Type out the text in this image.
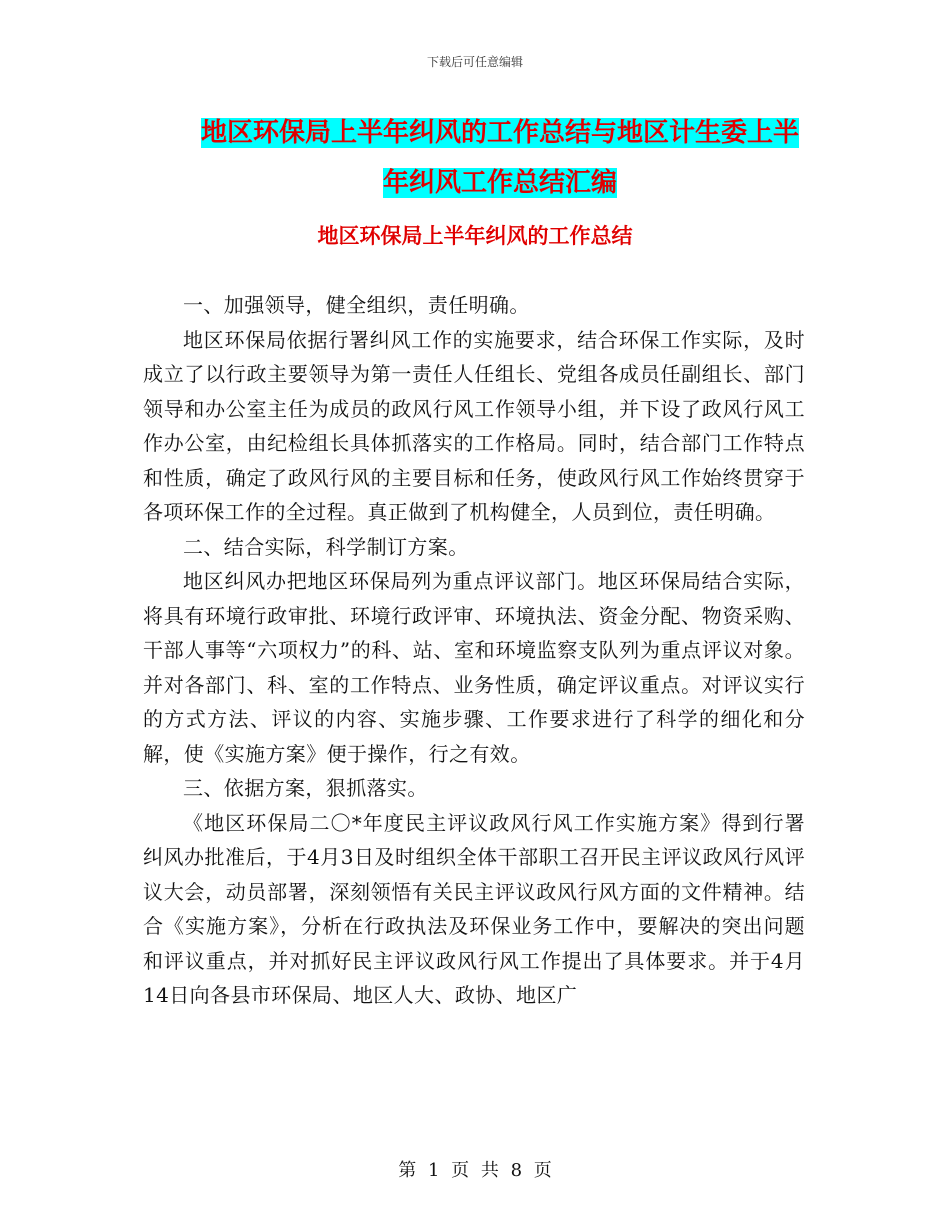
下载后可任意编辑
地区环保局上半年纠风的工作总结与地区计生委上半
年纠风工作总结汇编
地区环保局上半年纠风的工作总结

一、加强领导，健全组织，责任明确。

地区环保局依据行署纠风工作的实施要求，结合环保工作实际，及时成立了以行政主要领导为第一责任人任组长、党组各成员任副组长、部门领导和办公室主任为成员的政风行风工作领导小组，并下设了政风行风工作办公室，由纪检组长具体抓落实的工作格局。同时，结合部门工作特点和性质，确定了政风行风的主要目标和任务，使政风行风工作始终贯穿于各项环保工作的全过程。真正做到了机构健全，人员到位，责任明确。

二、结合实际，科学制订方案。

地区纠风办把地区环保局列为重点评议部门。地区环保局结合实际，将具有环境行政审批、环境行政评审、环境执法、资金分配、物资采购、干部人事等“六项权力”的科、站、室和环境监察支队列为重点评议对象。并对各部门、科、室的工作特点、业务性质，确定评议重点。对评议实行的方式方法、评议的内容、实施步骤、工作要求进行了科学的细化和分解，使《实施方案》便于操作，行之有效。

三、依据方案，狠抓落实。

《地区环保局二〇*年度民主评议政风行风工作实施方案》得到行署纠风办批准后，于4月3日及时组织全体干部职工召开民主评议政风行风评议大会，动员部署，深刻领悟有关民主评议政风行风方面的文件精神。结合《实施方案》，分析在行政执法及环保业务工作中，要解决的突出问题和评议重点，并对抓好民主评议政风行风工作提出了具体要求。并于4月14日向各县市环保局、地区人大、政协、地区广

第 1 页 共 8 页
